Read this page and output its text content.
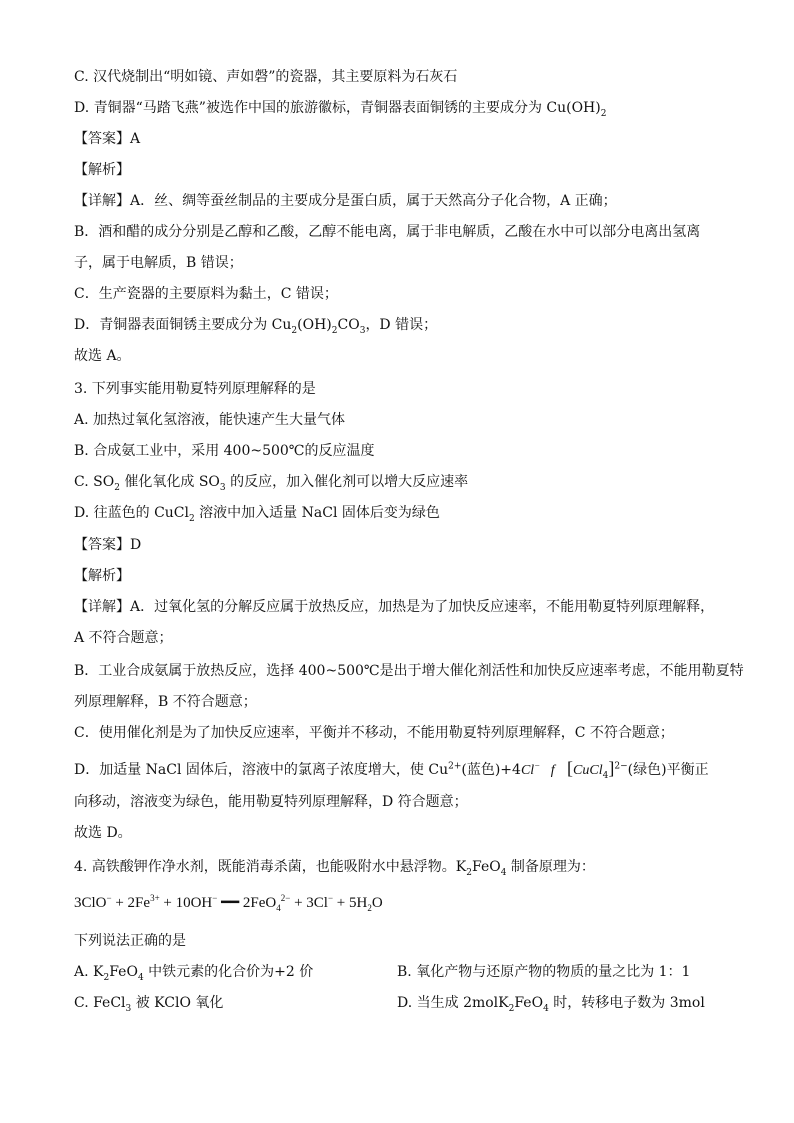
C. 汉代烧制出“明如镜、声如磬”的瓷器，其主要原料为石灰石
D. 青铜器“马踏飞燕”被选作中国的旅游徽标，青铜器表面铜锈的主要成分为 $Cu(OH)_2$
【答案】A
【解析】
【详解】A．丝、绸等蚕丝制品的主要成分是蛋白质，属于天然高分子化合物，A 正确；
B．酒和醋的成分分别是乙醇和乙酸，乙醇不能电离，属于非电解质，乙酸在水中可以部分电离出氢离
子，属于电解质，B 错误；
C．生产瓷器的主要原料为黏土，C 错误；
D．青铜器表面铜锈主要成分为 $Cu_2(OH)_2CO_3$，D 错误；
故选 A。
3. 下列事实能用勒夏特列原理解释的是
A. 加热过氧化氢溶液，能快速产生大量气体
B. 合成氨工业中，采用 400~500℃的反应温度
C. $SO_2$ 催化氧化成 $SO_3$ 的反应，加入催化剂可以增大反应速率
D. 往蓝色的 CuCl$_2$ 溶液中加入适量 NaCl 固体后变为绿色
【答案】D
【解析】
【详解】A．过氧化氢的分解反应属于放热反应，加热是为了加快反应速率，不能用勒夏特列原理解释，
A 不符合题意；
B．工业合成氨属于放热反应，选择 400~500℃是出于增大催化剂活性和加快反应速率考虑，不能用勒夏特
列原理解释，B 不符合题意；
C．使用催化剂是为了加快反应速率，平衡并不移动，不能用勒夏特列原理解释，C 不符合题意；
D．加适量 NaCl 固体后，溶液中的氯离子浓度增大，使 $Cu^{2+}$(蓝色)+4Cl− f [CuCl$_4$]$^{2-}$(绿色)平衡正
向移动，溶液变为绿色，能用勒夏特列原理解释，D 符合题意；
故选 D。
4. 高铁酸钾作净水剂，既能消毒杀菌，也能吸附水中悬浮物。$K_2FeO_4$ 制备原理为：
$3ClO^- + 2Fe^{3+} + 10OH^-$ ━━ $2FeO_4^{2-} + 3Cl^- + 5H_2O$
下列说法正确的是
A. $K_2FeO_4$ 中铁元素的化合价为+2 价	B. 氧化产物与还原产物的物质的量之比为 1：1
C. FeCl$_3$ 被 KClO 氧化	D. 当生成 2molK$_2$FeO$_4$ 时，转移电子数为 3mol
